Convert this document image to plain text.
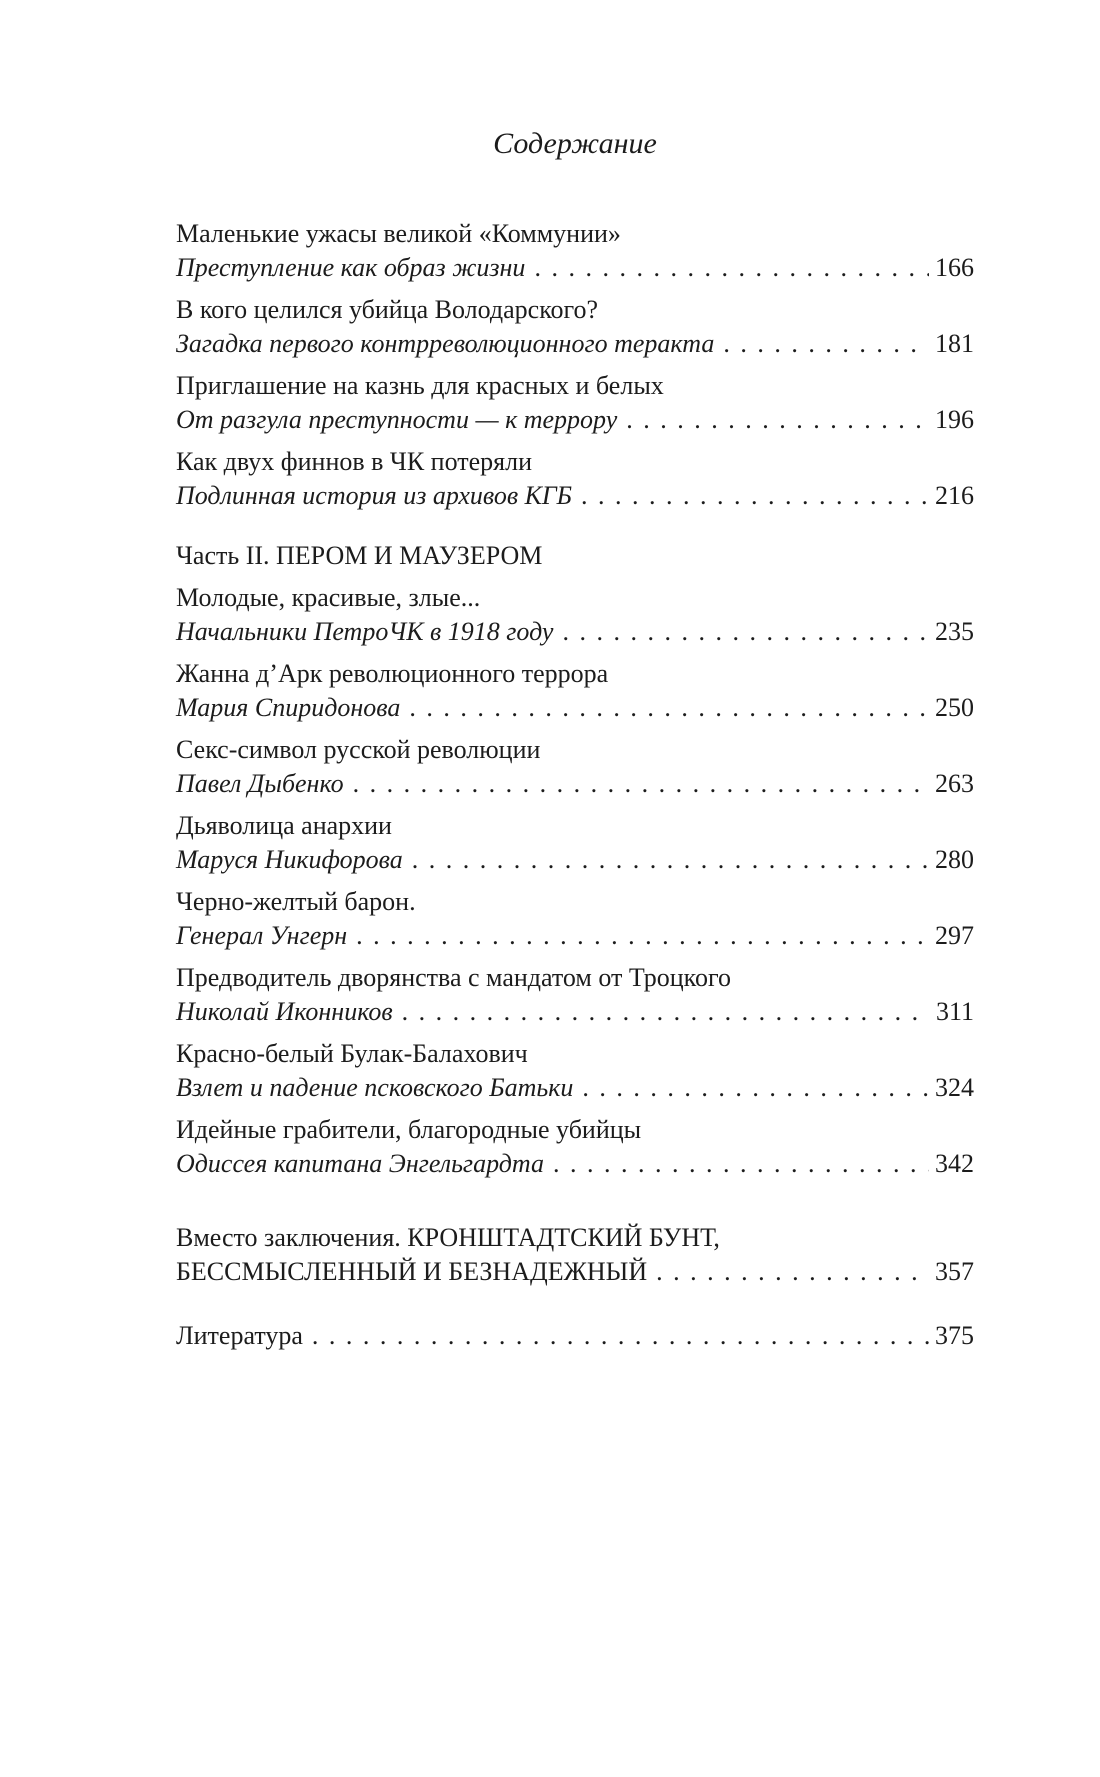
Содержание
Маленькие ужасы великой «Коммунии»
Преступление как образ жизни . . .	166
В кого целился убийца Володарского?
Загадка первого контрреволюционного теракта . . .	181
Приглашение на казнь для красных и белых
От разгула преступности — к террору . . .	196
Как двух финнов в ЧК потеряли
Подлинная история из архивов КГБ . . .	216
Часть II. ПЕРОМ И МАУЗЕРОМ
Молодые, красивые, злые...
Начальники ПетроЧК в 1918 году . . .	235
Жанна д’Арк революционного террора
Мария Спиридонова . . .	250
Секс-символ русской революции
Павел Дыбенко . . .	263
Дьяволица анархии
Маруся Никифорова . . .	280
Черно-желтый барон.
Генерал Унгерн . . .	297
Предводитель дворянства с мандатом от Троцкого
Николай Иконников . . .	311
Красно-белый Булак-Балахович
Взлет и падение псковского Батьки . . .	324
Идейные грабители, благородные убийцы
Одиссея капитана Энгельгардта . . .	342
Вместо заключения. КРОНШТАДТСКИЙ БУНТ,
БЕССМЫСЛЕННЫЙ И БЕЗНАДЕЖНЫЙ . . .	357
Литература . . .	375
